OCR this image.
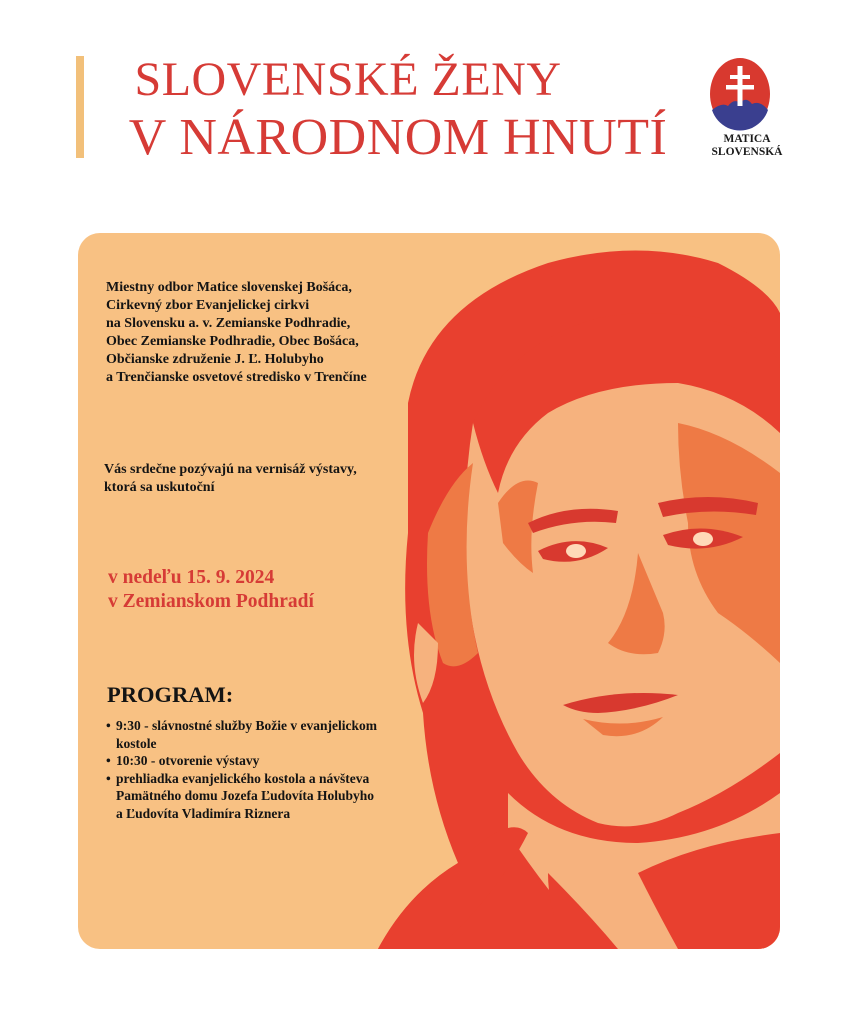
SLOVENSKÉ ŽENY
V NÁRODNOM HNUTÍ	MATICA
SLOVENSKÁ
Miestny odbor Matice slovenskej Bošáca,
Cirkevný zbor Evanjelickej cirkvi
na Slovensku a. v. Zemianske Podhradie,
Obec Zemianske Podhradie, Obec Bošáca,
Občianske združenie J. Ľ. Holubyho
a Trenčianske osvetové stredisko v Trenčíne
Vás srdečne pozývajú na vernisáž výstavy,
ktorá sa uskutoční
v nedeľu 15. 9. 2024
v Zemianskom Podhradí
PROGRAM:
• 9:30 - slávnostné služby Božie v evanjelickom
kostole
• 10:30 - otvorenie výstavy
• prehliadka evanjelického kostola a návšteva
Pamätného domu Jozefa Ľudovíta Holubyho
a Ľudovíta Vladimíra Riznera
